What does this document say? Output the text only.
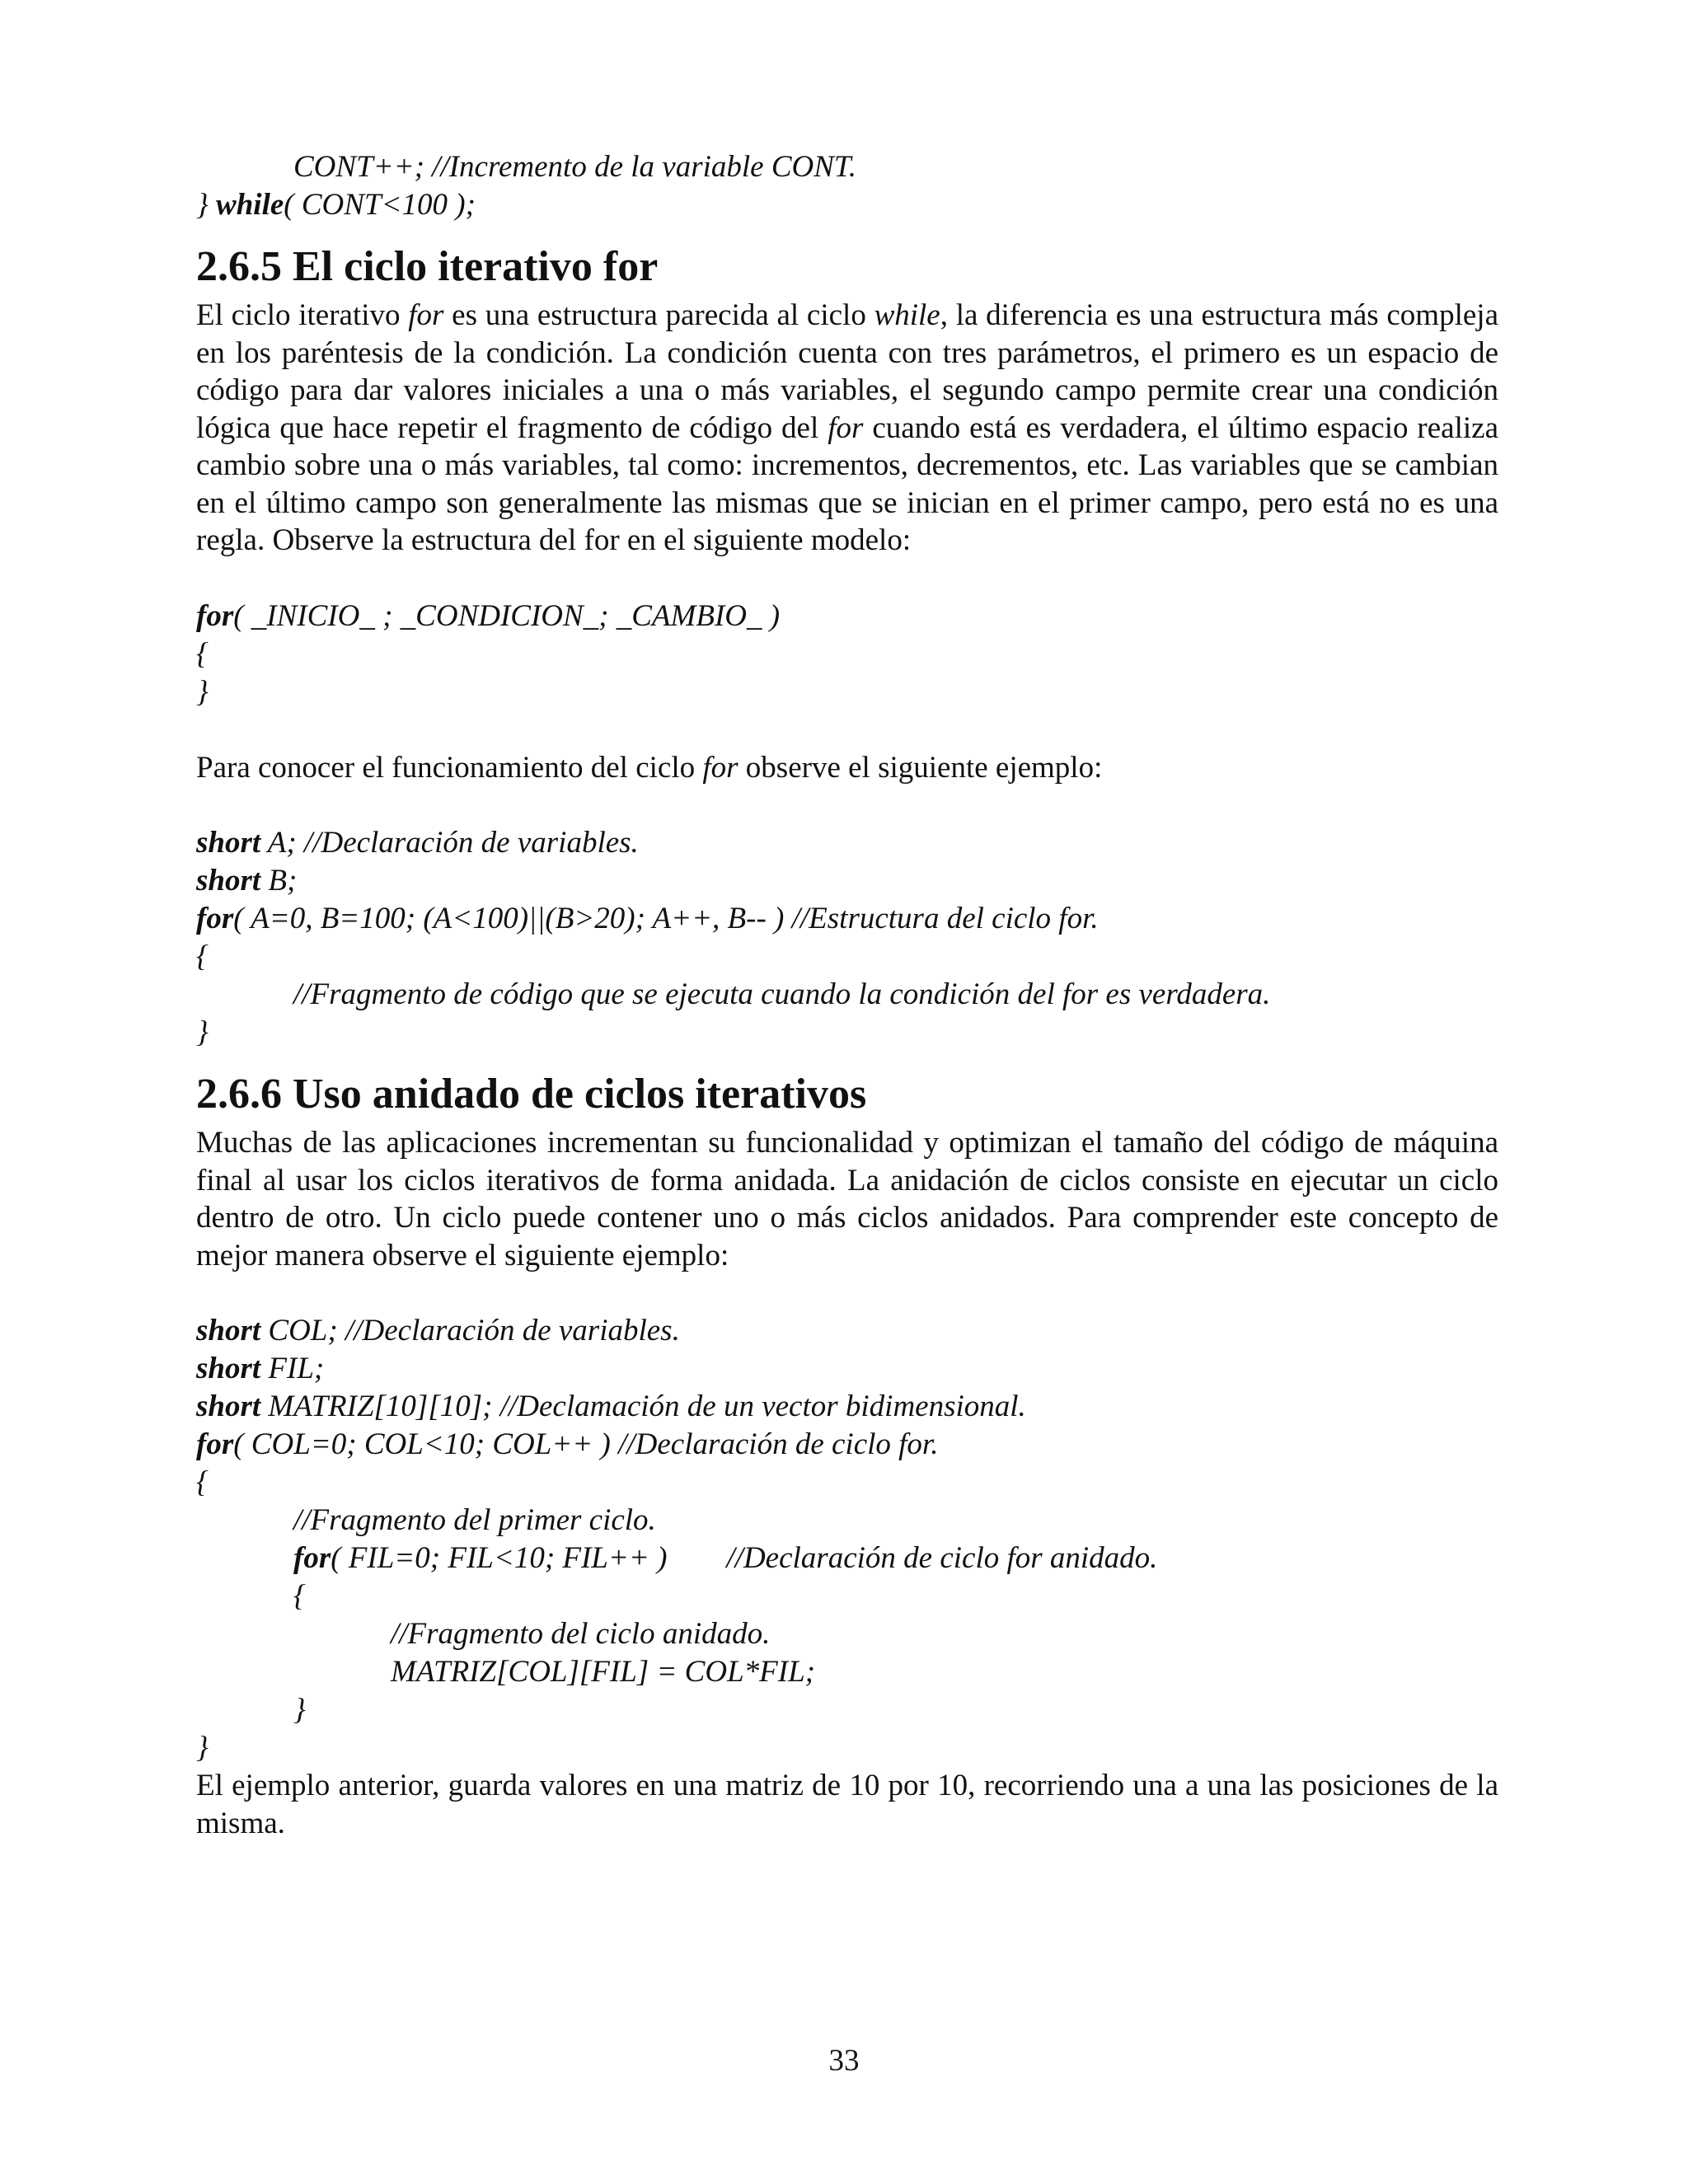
CONT++; //Incremento de la variable CONT.
} while( CONT<100 );
2.6.5 El ciclo iterativo for

El ciclo iterativo for es una estructura parecida al ciclo while, la diferencia es una estructura más compleja en los paréntesis de la condición. La condición cuenta con tres parámetros, el primero es un espacio de código para dar valores iniciales a una o más variables, el segundo campo permite crear una condición lógica que hace repetir el fragmento de código del for cuando está es verdadera, el último espacio realiza cambio sobre una o más variables, tal como: incrementos, decrementos, etc. Las variables que se cambian en el último campo son generalmente las mismas que se inician en el primer campo, pero está no es una regla. Observe la estructura del for en el siguiente modelo:

for( _INICIO_ ; _CONDICION_; _CAMBIO_ )
{
}

Para conocer el funcionamiento del ciclo for observe el siguiente ejemplo:

short A; //Declaración de variables.
short B;
for( A=0, B=100; (A<100)||(B>20); A++, B-- ) //Estructura del ciclo for.
{
//Fragmento de código que se ejecuta cuando la condición del for es verdadera.
}
2.6.6 Uso anidado de ciclos iterativos

Muchas de las aplicaciones incrementan su funcionalidad y optimizan el tamaño del código de máquina final al usar los ciclos iterativos de forma anidada. La anidación de ciclos consiste en ejecutar un ciclo dentro de otro. Un ciclo puede contener uno o más ciclos anidados. Para comprender este concepto de mejor manera observe el siguiente ejemplo:

short COL; //Declaración de variables.
short FIL;
short MATRIZ[10][10]; //Declamación de un vector bidimensional.
for( COL=0; COL<10; COL++ ) //Declaración de ciclo for.
{
//Fragmento del primer ciclo.
for( FIL=0; FIL<10; FIL++ ) //Declaración de ciclo for anidado.
{
//Fragmento del ciclo anidado.
MATRIZ[COL][FIL] = COL*FIL;
}
}

El ejemplo anterior, guarda valores en una matriz de 10 por 10, recorriendo una a una las posiciones de la misma.

33
